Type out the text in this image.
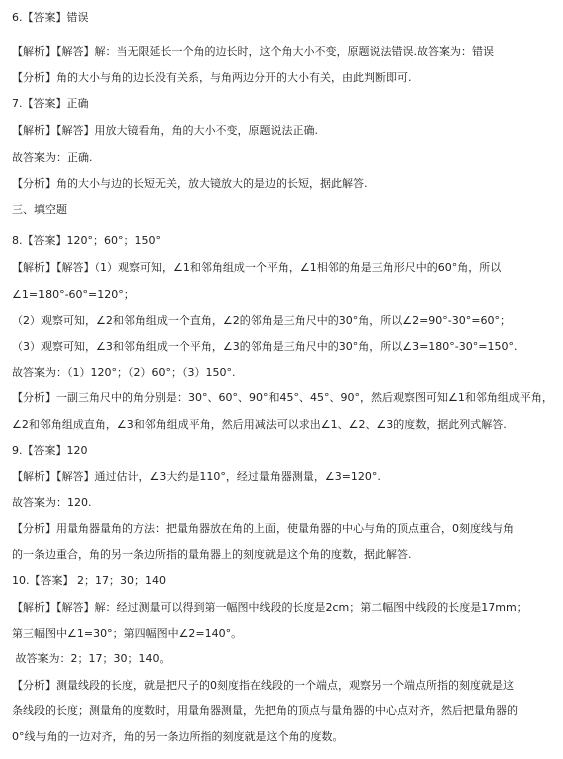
6.【答案】错误
【解析】【解答】解：当无限延长一个角的边长时，这个角大小不变，原题说法错误.故答案为：错误
【分析】角的大小与角的边长没有关系，与角两边分开的大小有关，由此判断即可.
7.【答案】正确
【解析】【解答】用放大镜看角，角的大小不变，原题说法正确.
故答案为：正确.
【分析】角的大小与边的长短无关，放大镜放大的是边的长短，据此解答.
三、填空题
8.【答案】120°；60°；150°
【解析】【解答】（1）观察可知，∠1和邻角组成一个平角，∠1相邻的角是三角形尺中的60°角，所以
∠1=180°-60°=120°；
（2）观察可知，∠2和邻角组成一个直角，∠2的邻角是三角尺中的30°角，所以∠2=90°-30°=60°；
（3）观察可知，∠3和邻角组成一个平角，∠3的邻角是三角尺中的30°角，所以∠3=180°-30°=150°.
故答案为：（1）120°；（2）60°；（3）150°.
【分析】一副三角尺中的角分别是：30°、60°、90°和45°、45°、90°，然后观察图可知∠1和邻角组成平角，
∠2和邻角组成直角，∠3和邻角组成平角，然后用减法可以求出∠1、∠2、∠3的度数，据此列式解答.
9.【答案】120
【解析】【解答】通过估计，∠3大约是110°，经过量角器测量，∠3=120°.
故答案为：120.
【分析】用量角器量角的方法：把量角器放在角的上面，使量角器的中心与角的顶点重合，0刻度线与角
的一条边重合，角的另一条边所指的量角器上的刻度就是这个角的度数，据此解答.
10.【答案】 2；17；30；140
【解析】【解答】解：经过测量可以得到第一幅图中线段的长度是2cm；第二幅图中线段的长度是17mm；
第三幅图中∠1=30°；第四幅图中∠2=140°。
故答案为：2；17；30；140。
【分析】测量线段的长度，就是把尺子的0刻度指在线段的一个端点，观察另一个端点所指的刻度就是这
条线段的长度；测量角的度数时，用量角器测量，先把角的顶点与量角器的中心点对齐，然后把量角器的
0°线与角的一边对齐，角的另一条边所指的刻度就是这个角的度数。
